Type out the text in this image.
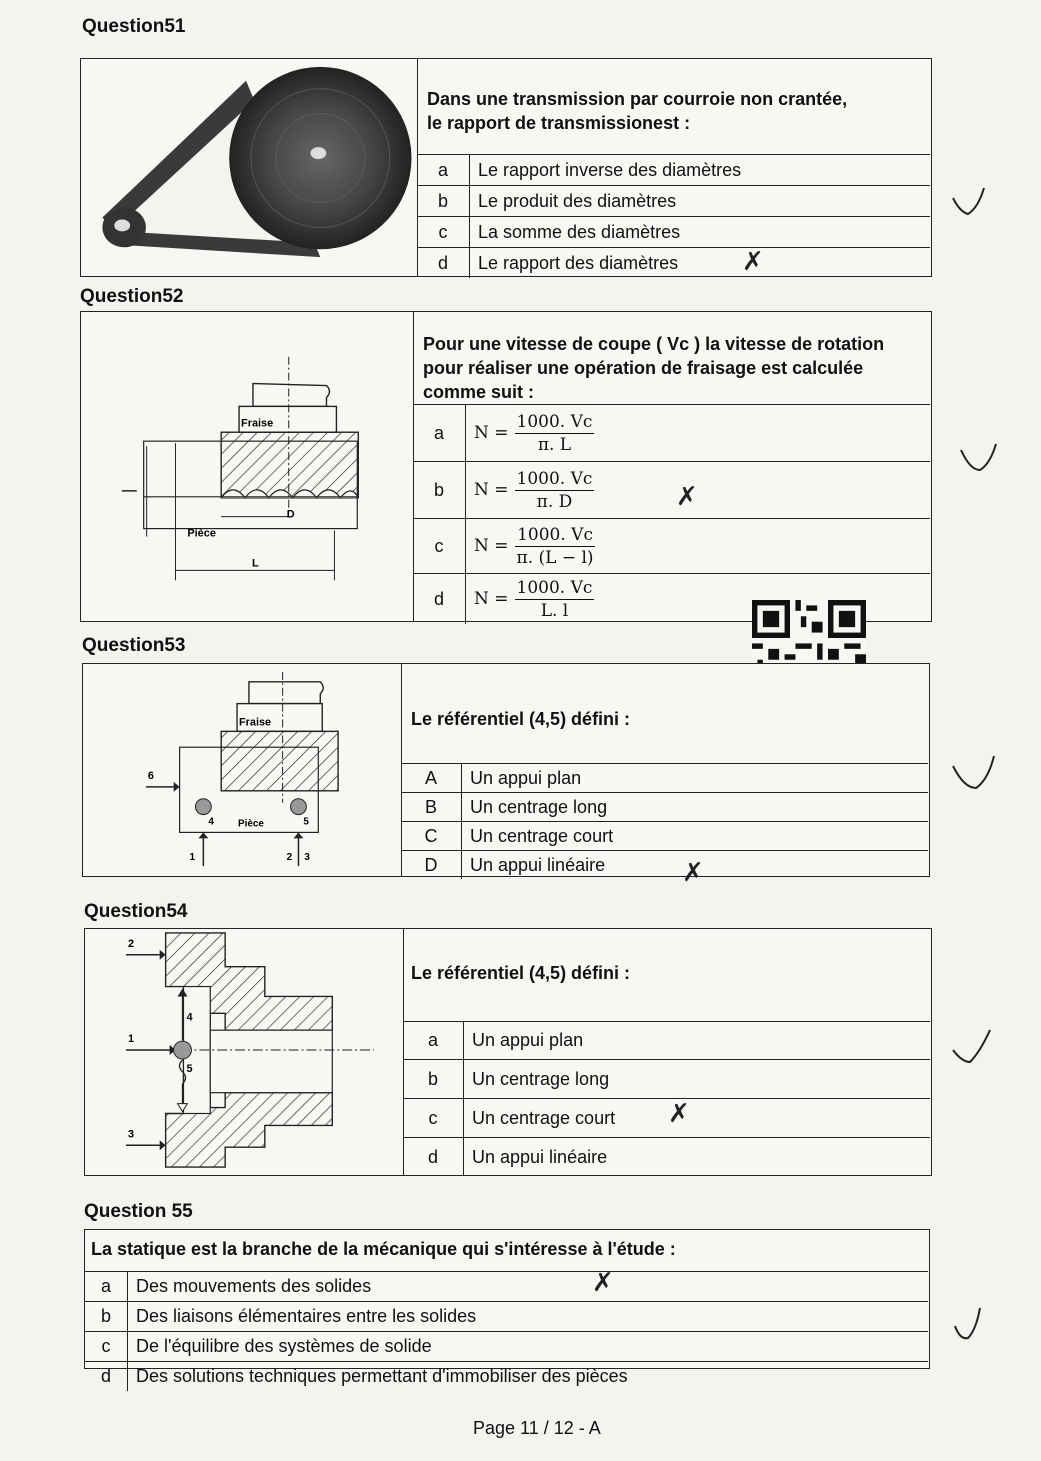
Question51
Dans une transmission par courroie non crantée, le rapport de transmissionest :
a	Le rapport inverse des diamètres
b	Le produit des diamètres
c	La somme des diamètres
d	Le rapport des diamètres ✗
Question52
Fraise
Pièce
D
L
Pour une vitesse de coupe ( Vc ) la vitesse de rotation pour réaliser une opération de fraisage est calculée comme suit :
a	$N = \frac{1000. Vc}{\pi. L}$

b	$N = \frac{1000. Vc}{\pi. D}$

c	$N = \frac{1000. Vc}{\pi. (L - l)}$

d	$N = \frac{1000. Vc}{L. l}$
✗
Question53
Fraise
6
4	5
Pièce
1	2 3
Le référentiel (4,5) défini :
A	Un appui plan
B	Un centrage long
C	Un centrage court
D	Un appui linéaire	✗
Question54
2
1
4
5
3
Le référentiel (4,5) défini :
a	Un appui plan
b	Un centrage long
c	Un centrage court
d	Un appui linéaire
✗
Question 55
La statique est la branche de la mécanique qui s'intéresse à l'étude :
a	Des mouvements des solides
b	Des liaisons élémentaires entre les solides
c	De l'équilibre des systèmes de solide
d	Des solutions techniques permettant d'immobiliser des pièces
✗
Page 11 / 12 - A
